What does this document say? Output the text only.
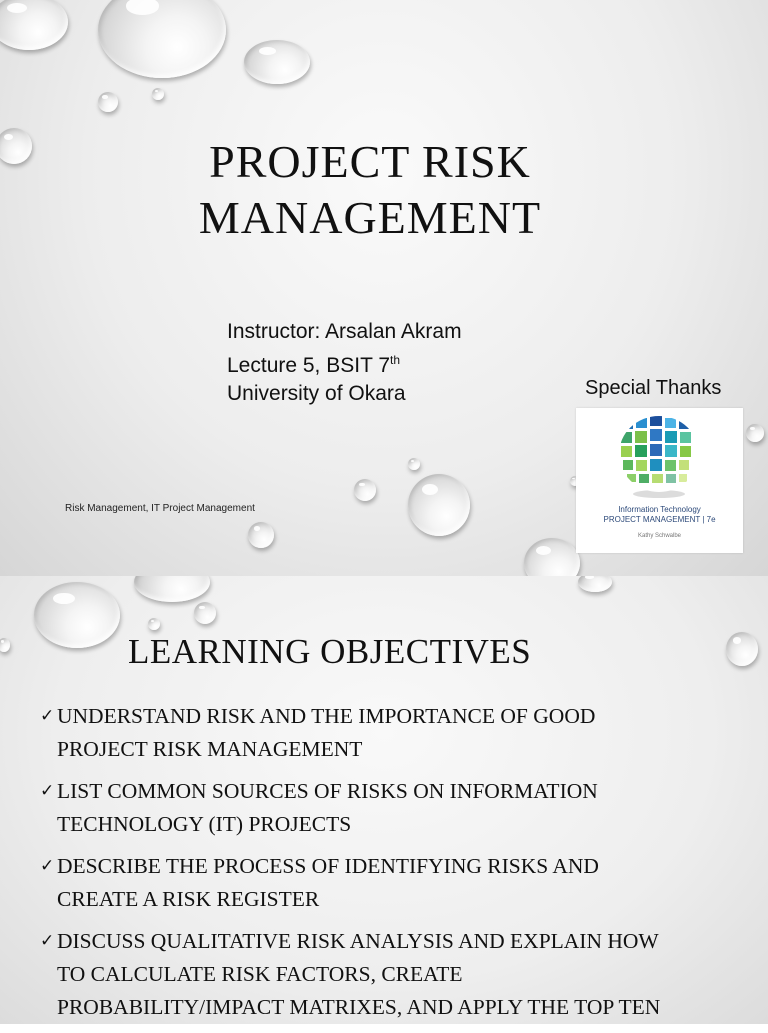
PROJECT RISK
MANAGEMENT
Instructor: Arsalan Akram
Lecture 5, BSIT 7th
University of Okara
Risk Management, IT Project Management
Special Thanks
Information Technology
PROJECT MANAGEMENT | 7e
Kathy Schwalbe
LEARNING OBJECTIVES
✓ UNDERSTAND RISK AND THE IMPORTANCE OF GOOD
PROJECT RISK MANAGEMENT
✓ LIST COMMON SOURCES OF RISKS ON INFORMATION
TECHNOLOGY (IT) PROJECTS
✓ DESCRIBE THE PROCESS OF IDENTIFYING RISKS AND
CREATE A RISK REGISTER
✓ DISCUSS QUALITATIVE RISK ANALYSIS AND EXPLAIN HOW
TO CALCULATE RISK FACTORS, CREATE
PROBABILITY/IMPACT MATRIXES, AND APPLY THE TOP TEN
